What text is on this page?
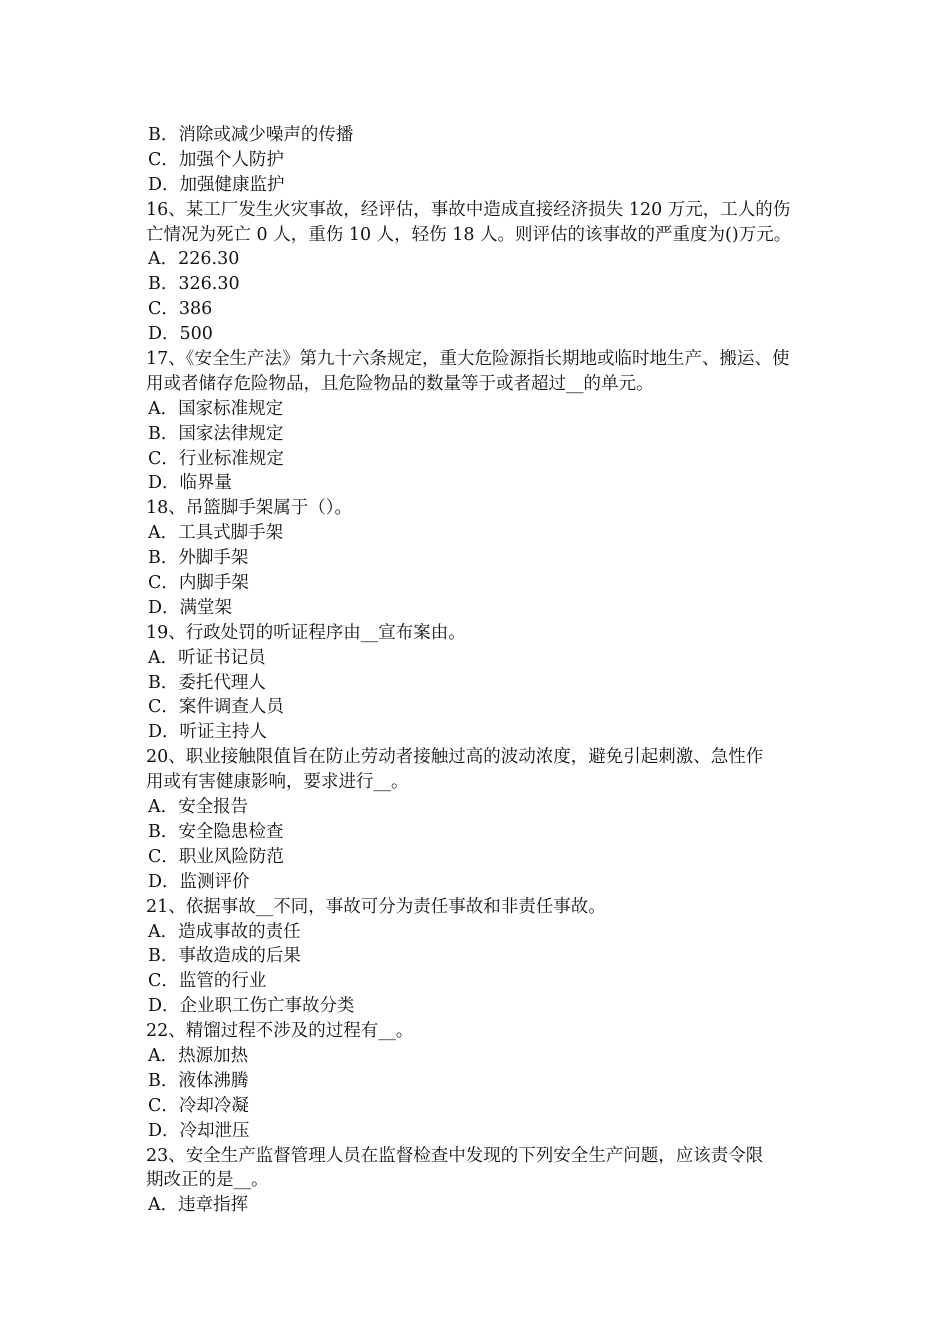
B．消除或减少噪声的传播
C．加强个人防护
D．加强健康监护
16、某工厂发生火灾事故，经评估，事故中造成直接经济损失 120 万元，工人的伤
亡情况为死亡 0 人，重伤 10 人，轻伤 18 人。则评估的该事故的严重度为()万元。
A．226.30
B．326.30
C．386
D．500
17、《安全生产法》第九十六条规定，重大危险源指长期地或临时地生产、搬运、使
用或者储存危险物品，且危险物品的数量等于或者超过__的单元。
A．国家标准规定
B．国家法律规定
C．行业标准规定
D．临界量
18、吊篮脚手架属于（）。
A．工具式脚手架
B．外脚手架
C．内脚手架
D．满堂架
19、行政处罚的听证程序由__宣布案由。
A．听证书记员
B．委托代理人
C．案件调查人员
D．听证主持人
20、职业接触限值旨在防止劳动者接触过高的波动浓度，避免引起刺激、急性作
用或有害健康影响，要求进行__。
A．安全报告
B．安全隐患检查
C．职业风险防范
D．监测评价
21、依据事故__不同，事故可分为责任事故和非责任事故。
A．造成事故的责任
B．事故造成的后果
C．监管的行业
D．企业职工伤亡事故分类
22、精馏过程不涉及的过程有__。
A．热源加热
B．液体沸腾
C．冷却冷凝
D．冷却泄压
23、安全生产监督管理人员在监督检查中发现的下列安全生产问题，应该责令限
期改正的是__。
A．违章指挥
